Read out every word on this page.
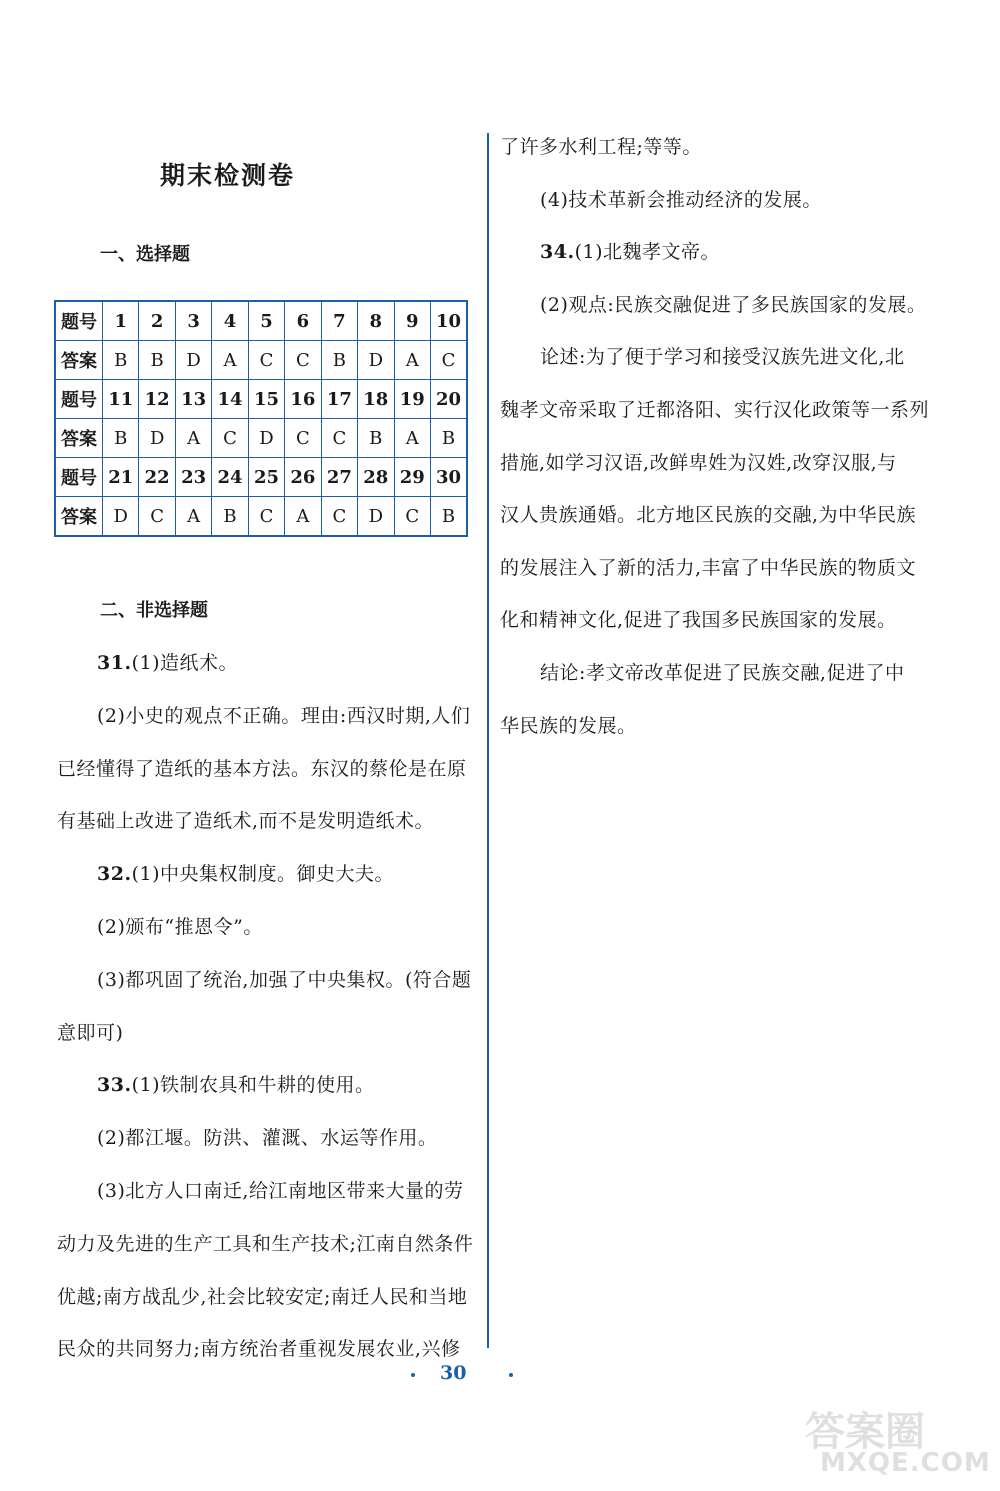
期末检测卷
一、选择题
题号	1	2	3	4	5	6	7	8	9	10
答案	B	B	D	A	C	C	B	D	A	C
题号	11	12	13	14	15	16	17	18	19	20
答案	B	D	A	C	D	C	C	B	A	B
题号	21	22	23	24	25	26	27	28	29	30
答案	D	C	A	B	C	A	C	D	C	B
二、非选择题
31.(1)造纸术。
(2)小史的观点不正确。理由:西汉时期,人们
已经懂得了造纸的基本方法。东汉的蔡伦是在原
有基础上改进了造纸术,而不是发明造纸术。
32.(1)中央集权制度。御史大夫。
(2)颁布“推恩令”。
(3)都巩固了统治,加强了中央集权。(符合题
意即可)
33.(1)铁制农具和牛耕的使用。
(2)都江堰。防洪、灌溉、水运等作用。
(3)北方人口南迁,给江南地区带来大量的劳
动力及先进的生产工具和生产技术;江南自然条件
优越;南方战乱少,社会比较安定;南迁人民和当地
民众的共同努力;南方统治者重视发展农业,兴修
了许多水利工程;等等。
(4)技术革新会推动经济的发展。
34.(1)北魏孝文帝。
(2)观点:民族交融促进了多民族国家的发展。
论述:为了便于学习和接受汉族先进文化,北
魏孝文帝采取了迁都洛阳、实行汉化政策等一系列
措施,如学习汉语,改鲜卑姓为汉姓,改穿汉服,与
汉人贵族通婚。北方地区民族的交融,为中华民族
的发展注入了新的活力,丰富了中华民族的物质文
化和精神文化,促进了我国多民族国家的发展。
结论:孝文帝改革促进了民族交融,促进了中
华民族的发展。
30
答案圈
MXQE.COM
